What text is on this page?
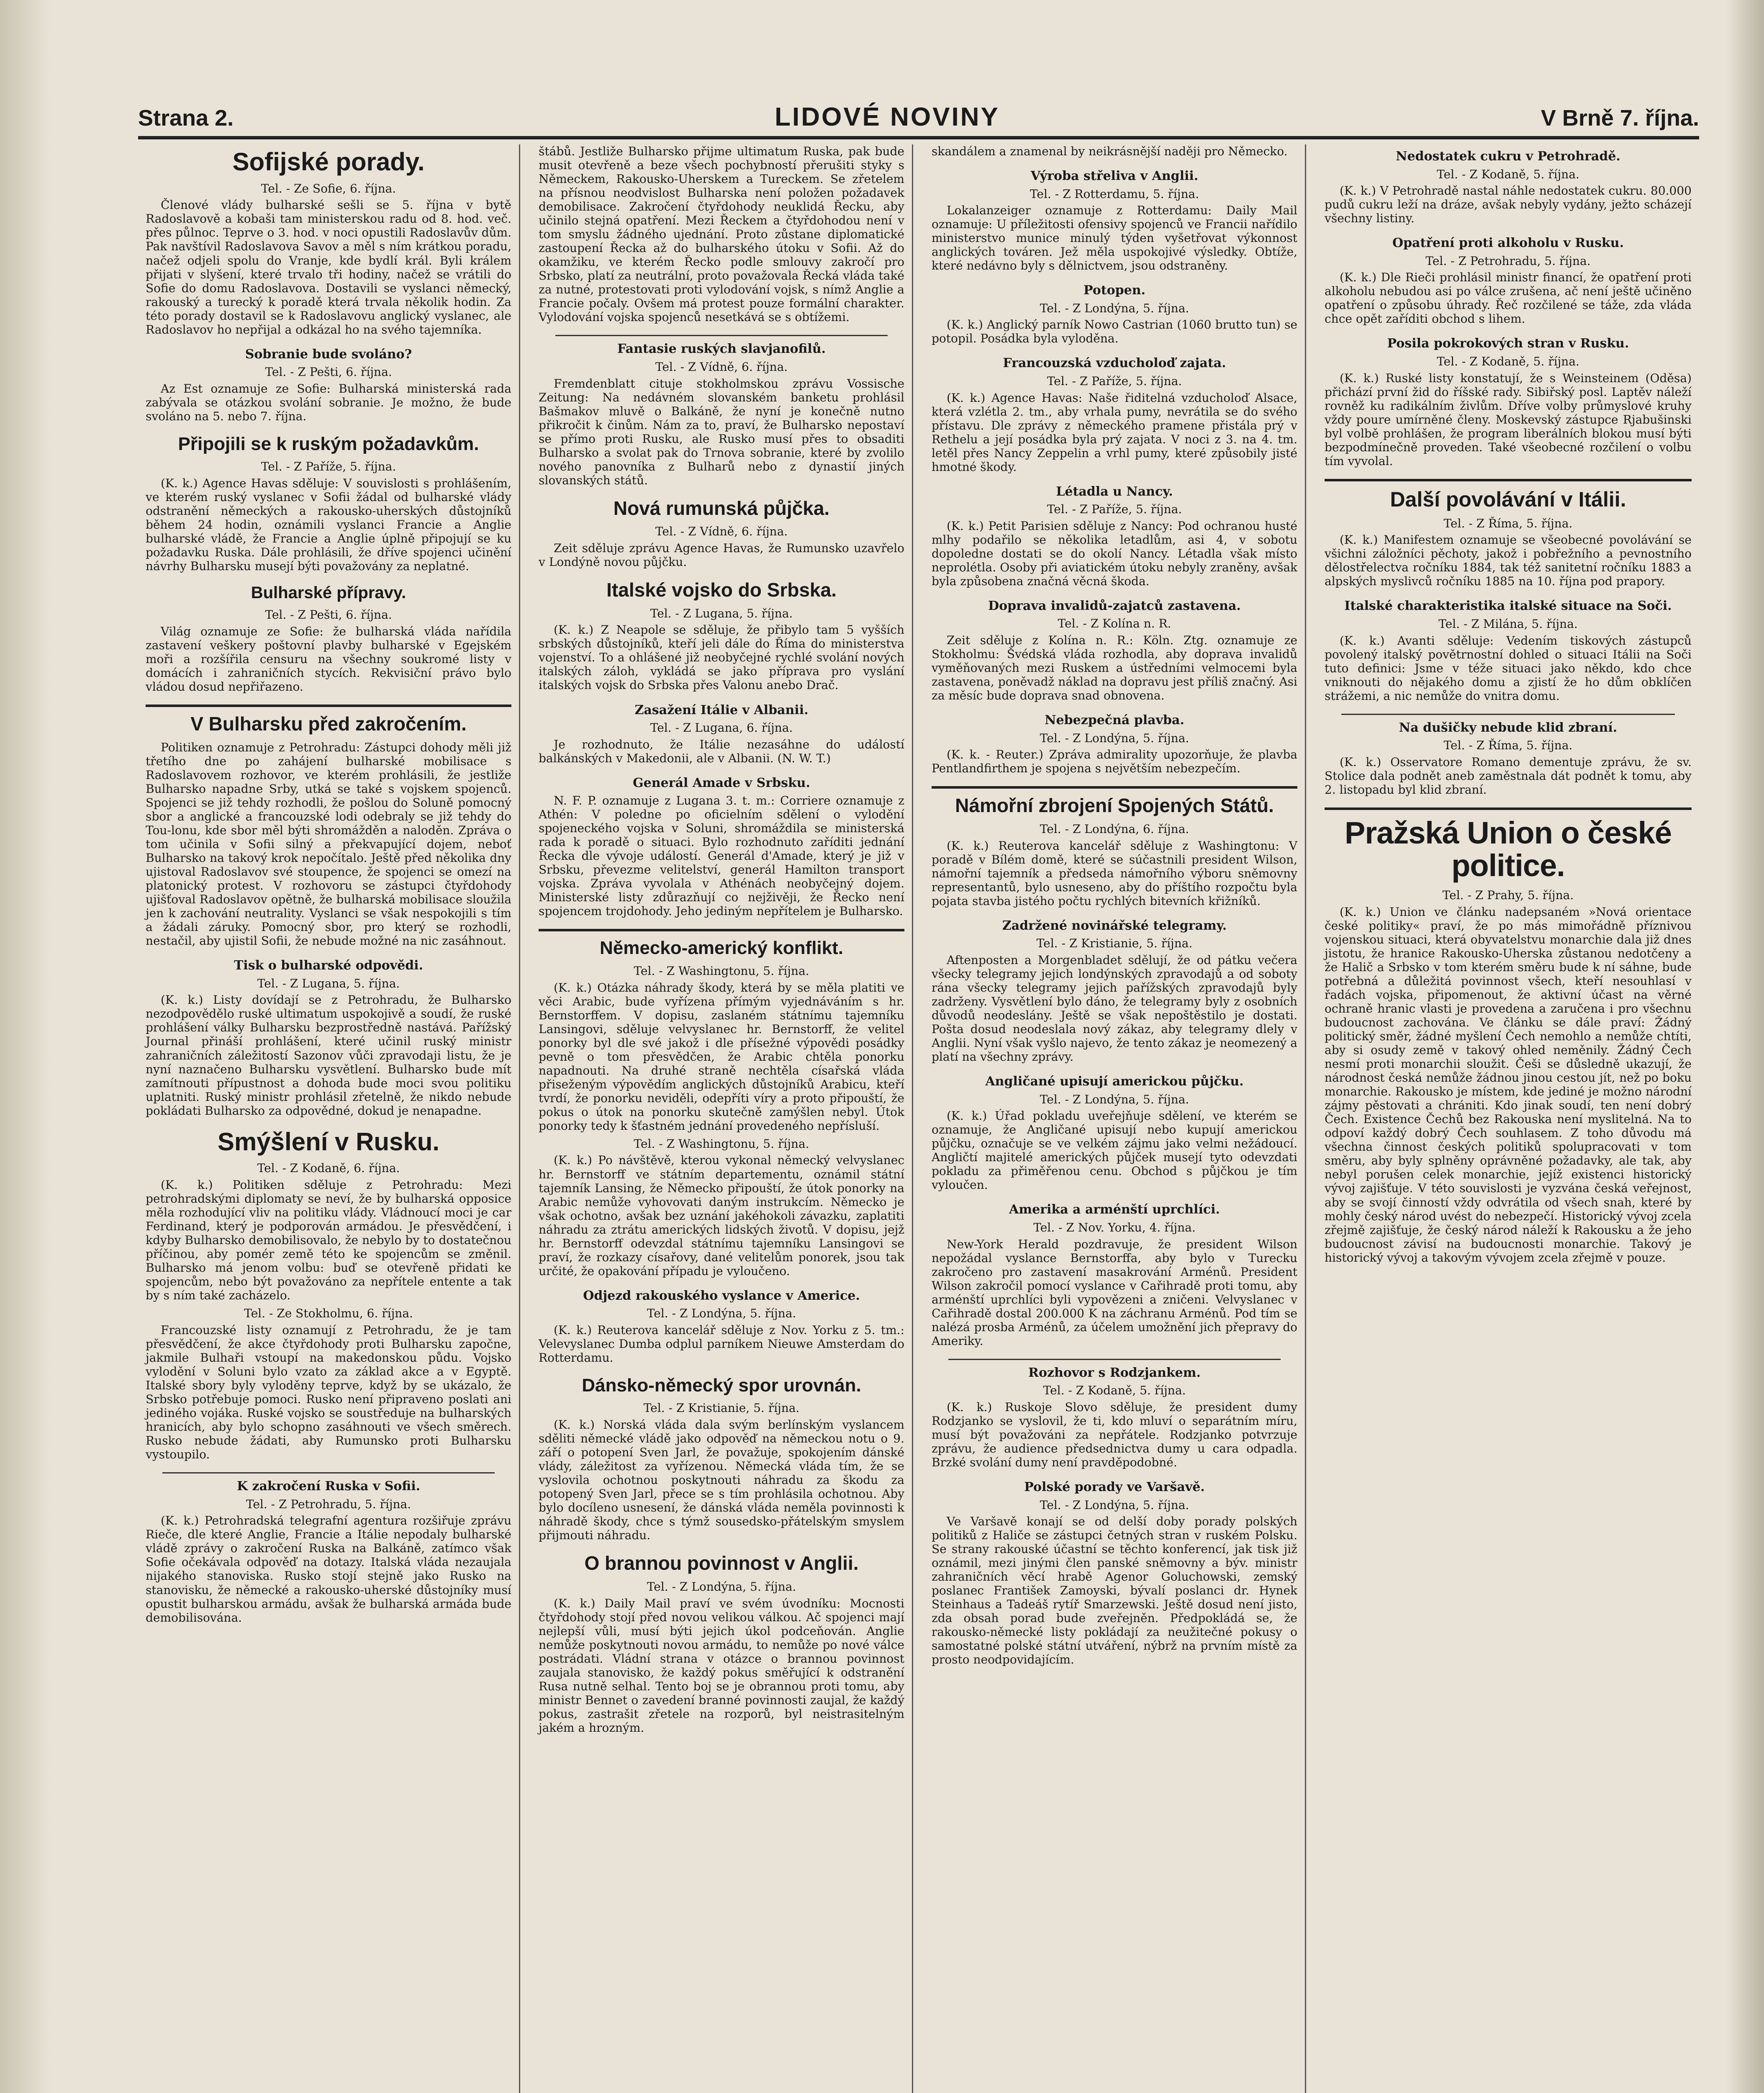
Strana 2.	LIDOVÉ NOVINY	V Brně 7. října.
Sofijské porady.
Tel. - Ze Sofie, 6. října.

Členové vlády bulharské sešli se 5. října v bytě Radoslavově a kobaši tam ministerskou radu od 8. hod. več. přes půlnoc. Teprve o 3. hod. v noci opustili Radoslavův dům. Pak navštívil Radoslavova Savov a měl s ním krátkou poradu, načež odjeli spolu do Vranje, kde bydlí král. Byli králem přijati v slyšení, které trvalo tři hodiny, načež se vrátili do Sofie do domu Radoslavova. Dostavili se vyslanci německý, rakouský a turecký k poradě která trvala několik hodin. Za této porady dostavil se k Radoslavovu anglický vyslanec, ale Radoslavov ho nepřijal a odkázal ho na svého tajemníka.

Sobranie bude svoláno?
Tel. - Z Pešti, 6. října.

Az Est oznamuje ze Sofie: Bulharská ministerská rada zabývala se otázkou svolání sobranie. Je možno, že bude svoláno na 5. nebo 7. října.

Připojili se k ruským požadavkům.
Tel. - Z Paříže, 5. října.

(K. k.) Agence Havas sděluje: V souvislosti s prohlášením, ve kterém ruský vyslanec v Sofii žádal od bulharské vlády odstranění německých a rakousko-uherských důstojníků během 24 hodin, oznámili vyslanci Francie a Anglie bulharské vládě, že Francie a Anglie úplně připojují se ku požadavku Ruska. Dále prohlásili, že dříve spojenci učinění návrhy Bulharsku musejí býti považovány za neplatné.

Bulharské přípravy.
Tel. - Z Pešti, 6. října.

Világ oznamuje ze Sofie: že bulharská vláda nařídila zastavení veškery poštovní plavby bulharské v Egejském moři a rozšířila censuru na všechny soukromé listy v domácích i zahraničních stycích. Rekvisiční právo bylo vládou dosud nepřiřazeno.

V Bulharsku před zakročením.

Politiken oznamuje z Petrohradu: Zástupci dohody měli již třetího dne po zahájení bulharské mobilisace s Radoslavovem rozhovor, ve kterém prohlásili, že jestliže Bulharsko napadne Srby, utká se také s vojskem spojenců. Spojenci se již tehdy rozhodli, že pošlou do Soluně pomocný sbor a anglické a francouzské lodi odebraly se již tehdy do Tou-lonu, kde sbor měl býti shromážděn a naloděn. Zpráva o tom učinila v Sofii silný a překvapující dojem, neboť Bulharsko na takový krok nepočítalo. Ještě před několika dny ujistoval Radoslavov své stoupence, že spojenci se omezí na platonický protest. V rozhovoru se zástupci čtyřdohody ujišťoval Radoslavov opětně, že bulharská mobilisace sloužila jen k zachování neutrality. Vyslanci se však nespokojili s tím a žádali záruky. Pomocný sbor, pro který se rozhodli, nestačil, aby ujistil Sofii, že nebude možné na nic zasáhnout.

Tisk o bulharské odpovědi.
Tel. - Z Lugana, 5. října.

(K. k.) Listy dovídají se z Petrohradu, že Bulharsko nezodpovědělo ruské ultimatum uspokojivě a soudí, že ruské prohlášení války Bulharsku bezprostředně nastává. Pařížský Journal přináší prohlášení, které učinil ruský ministr zahraničních záležitostí Sazonov vůči zpravodaji listu, že je nyní naznačeno Bulharsku vysvětlení. Bulharsko bude mít zamítnouti přípustnost a dohoda bude moci svou politiku uplatniti. Ruský ministr prohlásil zřetelně, že nikdo nebude pokládati Bulharsko za odpovědné, dokud je nenapadne.

Smýšlení v Rusku.
Tel. - Z Kodaně, 6. října.

(K. k.) Politiken sděluje z Petrohradu: Mezi petrohradskými diplomaty se neví, že by bulharská opposice měla rozhodující vliv na politiku vlády. Vládnoucí moci je car Ferdinand, který je podporován armádou. Je přesvědčení, i kdyby Bulharsko demobilisovalo, že nebylo by to dostatečnou příčinou, aby pomér země této ke spojencům se změnil. Bulharsko má jenom volbu: buď se otevřeně přidati ke spojencům, nebo být považováno za nepřítele entente a tak by s ním také zacházelo.

Tel. - Ze Stokholmu, 6. října.

Francouzské listy oznamují z Petrohradu, že je tam přesvědčení, že akce čtyřdohody proti Bulharsku započne, jakmile Bulhaři vstoupí na makedonskou půdu. Vojsko vylodění v Soluni bylo vzato za základ akce a v Egyptě. Italské sbory byly vyloděny teprve, když by se ukázalo, že Srbsko potřebuje pomoci. Rusko není připraveno poslati ani jediného vojáka. Ruské vojsko se soustředuje na bulharských hranicích, aby bylo schopno zasáhnouti ve všech směrech. Rusko nebude žádati, aby Rumunsko proti Bulharsku vystoupilo.

K zakročení Ruska v Sofii.
Tel. - Z Petrohradu, 5. října.

(K. k.) Petrohradská telegrafní agentura rozšiřuje zprávu Rieče, dle které Anglie, Francie a Itálie nepodaly bulharské vládě zprávy o zakročení Ruska na Balkáně, zatímco však Sofie očekávala odpověď na dotazy. Italská vláda nezaujala nijakého stanoviska. Rusko stojí stejně jako Rusko na stanovisku, že německé a rakousko-uherské důstojníky musí opustit bulharskou armádu, avšak že bulharská armáda bude demobilisována.

štábů. Jestliže Bulharsko přijme ultimatum Ruska, pak bude musit otevřeně a beze všech pochybností přerušiti styky s Německem, Rakousko-Uherskem a Tureckem. Se zřetelem na přísnou neodvislost Bulharska není položen požadavek demobilisace. Zakročení čtyřdohody neuklidá Řecku, aby učinilo stejná opatření. Mezi Řeckem a čtyřdohodou není v tom smyslu žádného ujednání. Proto zůstane diplomatické zastoupení Řecka až do bulharského útoku v Sofii. Až do okamžiku, ve kterém Řecko podle smlouvy zakročí pro Srbsko, platí za neutrální, proto považovala Řecká vláda také za nutné, protestovati proti vylodování vojsk, s nímž Anglie a Francie počaly. Ovšem má protest pouze formální charakter. Vylodování vojska spojenců nesetkává se s obtížemi.

Fantasie ruských slavjanofilů.
Tel. - Z Vídně, 6. října.

Fremdenblatt cituje stokholmskou zprávu Vossische Zeitung: Na nedávném slovanském banketu prohlásil Bašmakov mluvě o Balkáně, že nyní je konečně nutno přikročit k činům. Nám za to, praví, že Bulharsko nepostaví se přímo proti Rusku, ale Rusko musí přes to obsaditi Bulharsko a svolat pak do Trnova sobranie, které by zvolilo nového panovníka z Bulharů nebo z dynastií jiných slovanských států.

Nová rumunská půjčka.
Tel. - Z Vídně, 6. října.

Zeit sděluje zprávu Agence Havas, že Rumunsko uzavřelo v Londýně novou půjčku.

Italské vojsko do Srbska.
Tel. - Z Lugana, 5. října.

(K. k.) Z Neapole se sděluje, že přibylo tam 5 vyšších srbských důstojníků, kteří jeli dále do Říma do ministerstva vojenství. To a ohlášené již neobyčejné rychlé svolání nových italských záloh, vykládá se jako příprava pro vyslání italských vojsk do Srbska přes Valonu anebo Drač.

Zasažení Itálie v Albanii.
Tel. - Z Lugana, 6. října.

Je rozhodnuto, že Itálie nezasáhne do událostí balkánských v Makedonii, ale v Albanii. (N. W. T.)

Generál Amade v Srbsku.

N. F. P. oznamuje z Lugana 3. t. m.: Corriere oznamuje z Athén: V poledne po oficielním sdělení o vylodění spojeneckého vojska v Soluni, shromáždila se ministerská rada k poradě o situaci. Bylo rozhodnuto zaříditi jednání Řecka dle vývoje událostí. Generál d'Amade, který je již v Srbsku, převezme velitelství, generál Hamilton transport vojska. Zpráva vyvolala v Athénách neobyčejný dojem. Ministerské listy zdůrazňují co nejživěji, že Řecko není spojencem trojdohody. Jeho jediným nepřítelem je Bulharsko.

Německo-americký konflikt.
Tel. - Z Washingtonu, 5. října.

(K. k.) Otázka náhrady škody, která by se měla platiti ve věci Arabic, bude vyřízena přímým vyjednáváním s hr. Bernstorffem. V dopisu, zaslaném státnímu tajemníku Lansingovi, sděluje velvyslanec hr. Bernstorff, že velitel ponorky byl dle své jakož i dle přísežné výpovědi posádky pevně o tom přesvědčen, že Arabic chtěla ponorku napadnouti. Na druhé straně nechtěla císařská vláda přiseženým výpovědím anglických důstojníků Arabicu, kteří tvrdí, že ponorku neviděli, odepříti víry a proto připouští, že pokus o útok na ponorku skutečně zamýšlen nebyl. Útok ponorky tedy k šťastném jednání provedeného nepřísluší.

Tel. - Z Washingtonu, 5. října.

(K. k.) Po návštěvě, kterou vykonal německý velvyslanec hr. Bernstorff ve státním departementu, oznámil státní tajemník Lansing, že Německo připouští, že útok ponorky na Arabic nemůže vyhovovati daným instrukcím. Německo je však ochotno, avšak bez uznání jakéhokoli závazku, zaplatiti náhradu za ztrátu amerických lidských životů. V dopisu, jejž hr. Bernstorff odevzdal státnímu tajemníku Lansingovi se praví, že rozkazy císařovy, dané velitelům ponorek, jsou tak určité, že opakování případu je vyloučeno.

Odjezd rakouského vyslance v Americe.
Tel. - Z Londýna, 5. října.

(K. k.) Reuterova kancelář sděluje z Nov. Yorku z 5. tm.: Velevyslanec Dumba odplul parníkem Nieuwe Amsterdam do Rotterdamu.

Dánsko-německý spor urovnán.
Tel. - Z Kristianie, 5. října.

(K. k.) Norská vláda dala svým berlínským vyslancem sděliti německé vládě jako odpověď na německou notu o 9. září o potopení Sven Jarl, že považuje, spokojením dánské vlády, záležitost za vyřízenou. Německá vláda tím, že se vyslovila ochotnou poskytnouti náhradu za škodu za potopený Sven Jarl, přece se s tím prohlásila ochotnou. Aby bylo docíleno usnesení, že dánská vláda neměla povinnosti k náhradě škody, chce s týmž sousedsko-přátelským smyslem přijmouti náhradu.

O brannou povinnost v Anglii.
Tel. - Z Londýna, 5. října.

(K. k.) Daily Mail praví ve svém úvodníku: Mocnosti čtyřdohody stojí před novou velikou válkou. Ač spojenci mají nejlepší vůli, musí býti jejich úkol podceňován. Anglie nemůže poskytnouti novou armádu, to nemůže po nové válce postrádati. Vládní strana v otázce o brannou povinnost zaujala stanovisko, že každý pokus směřující k odstranění Rusa nutně selhal. Tento boj se je obrannou proti tomu, aby ministr Bennet o zavedení branné povinnosti zaujal, že každý pokus, zastrašit zřetele na rozporů, byl neistrasitelným jakém a hrozným.

skandálem a znamenal by neikrásnější naději pro Německo.

Výroba střeliva v Anglii.
Tel. - Z Rotterdamu, 5. října.

Lokalanzeiger oznamuje z Rotterdamu: Daily Mail oznamuje: U příležitosti ofensivy spojenců ve Francii nařídilo ministerstvo munice minulý týden vyšetřovat výkonnost anglických továren. Jež měla uspokojivé výsledky. Obtíže, které nedávno byly s dělnictvem, jsou odstraněny.

Potopen.
Tel. - Z Londýna, 5. října.

(K. k.) Anglický parník Nowo Castrian (1060 brutto tun) se potopil. Posádka byla vyloděna.

Francouzská vzducholoď zajata.
Tel. - Z Paříže, 5. října.

(K. k.) Agence Havas: Naše řiditelná vzducholoď Alsace, která vzlétla 2. tm., aby vrhala pumy, nevrátila se do svého přístavu. Dle zprávy z německého pramene přistála prý v Rethelu a její posádka byla prý zajata. V noci z 3. na 4. tm. letěl přes Nancy Zeppelin a vrhl pumy, které způsobily jisté hmotné škody.

Létadla u Nancy.
Tel. - Z Paříže, 5. října.

(K. k.) Petit Parisien sděluje z Nancy: Pod ochranou husté mlhy podařilo se několika letadlům, asi 4, v sobotu dopoledne dostati se do okolí Nancy. Létadla však místo neprolétla. Osoby při aviatickém útoku nebyly zraněny, avšak byla způsobena značná věcná škoda.

Doprava invalidů-zajatců zastavena.
Tel. - Z Kolína n. R.

Zeit sděluje z Kolína n. R.: Köln. Ztg. oznamuje ze Stokholmu: Švédská vláda rozhodla, aby doprava invalidů vyměňovaných mezi Ruskem a ústředními velmocemi byla zastavena, poněvadž náklad na dopravu jest příliš značný. Asi za měsíc bude doprava snad obnovena.

Nebezpečná plavba.
Tel. - Z Londýna, 5. října.

(K. k. - Reuter.) Zpráva admirality upozorňuje, že plavba Pentlandfirthem je spojena s největším nebezpečím.

Námořní zbrojení Spojených Států.
Tel. - Z Londýna, 6. října.

(K. k.) Reuterova kancelář sděluje z Washingtonu: V poradě v Bílém domě, které se súčastnili president Wilson, námořní tajemník a předseda námořního výboru sněmovny representantů, bylo usneseno, aby do příštího rozpočtu byla pojata stavba jistého počtu rychlých bitevních křižníků.

Zadržené novinářské telegramy.
Tel. - Z Kristianie, 5. října.

Aftenposten a Morgenbladet sdělují, že od pátku večera všecky telegramy jejich londýnských zpravodajů a od soboty rána všecky telegramy jejich pařížských zpravodajů byly zadrženy. Vysvětlení bylo dáno, že telegramy byly z osobních důvodů neodeslány. Ještě se však nepoštěstilo je dostati. Pošta dosud neodeslala nový zákaz, aby telegramy dlely v Anglii. Nyní však vyšlo najevo, že tento zákaz je neomezený a platí na všechny zprávy.

Angličané upisují americkou půjčku.
Tel. - Z Londýna, 5. října.

(K. k.) Úřad pokladu uveřejňuje sdělení, ve kterém se oznamuje, že Angličané upisují nebo kupují americkou půjčku, označuje se ve velkém zájmu jako velmi nežádoucí. Angličtí majitelé amerických půjček musejí tyto odevzdati pokladu za přiměřenou cenu. Obchod s půjčkou je tím vyloučen.

Amerika a arménští uprchlíci.
Tel. - Z Nov. Yorku, 4. října.

New-York Herald pozdravuje, že president Wilson nepožádal vyslance Bernstorffa, aby bylo v Turecku zakročeno pro zastavení masakrování Arménů. President Wilson zakročil pomocí vyslance v Cařihradě proti tomu, aby arménští uprchlíci byli vypovězeni a zničeni. Velvyslanec v Cařihradě dostal 200.000 K na záchranu Arménů. Pod tím se nalézá prosba Arménů, za účelem umožnění jich přepravy do Ameriky.

Rozhovor s Rodzjankem.
Tel. - Z Kodaně, 5. října.

(K. k.) Ruskoje Slovo sděluje, že president dumy Rodzjanko se vyslovil, že ti, kdo mluví o separátním míru, musí být považováni za nepřátele. Rodzjanko potvrzuje zprávu, že audience předsednictva dumy u cara odpadla. Brzké svolání dumy není pravděpodobné.

Polské porady ve Varšavě.
Tel. - Z Londýna, 5. října.

Ve Varšavě konají se od delší doby porady polských politiků z Haliče se zástupci četných stran v ruském Polsku. Se strany rakouské účastní se těchto konferencí, jak tisk již oznámil, mezi jinými člen panské sněmovny a býv. ministr zahraničních věcí hrabě Agenor Goluchowski, zemský poslanec František Zamoyski, bývalí poslanci dr. Hynek Steinhaus a Tadeáš rytíř Smarzewski. Ještě dosud není jisto, zda obsah porad bude zveřejněn. Předpokládá se, že rakousko-německé listy pokládají za neužitečné pokusy o samostatné polské státní utváření, nýbrž na prvním místě za prosto neodpovidajícím.

Nedostatek cukru v Petrohradě.
Tel. - Z Kodaně, 5. října.

(K. k.) V Petrohradě nastal náhle nedostatek cukru. 80.000 pudů cukru leží na dráze, avšak nebyly vydány, ježto scházejí všechny listiny.

Opatření proti alkoholu v Rusku.
Tel. - Z Petrohradu, 5. října.

(K. k.) Dle Rieči prohlásil ministr financí, že opatření proti alkoholu nebudou asi po válce zrušena, ač není ještě učiněno opatření o způsobu úhrady. Řeč rozčilené se táže, zda vláda chce opět zaříditi obchod s lihem.

Posila pokrokových stran v Rusku.
Tel. - Z Kodaně, 5. října.

(K. k.) Ruské listy konstatují, že s Weinsteinem (Oděsa) přichází první žid do říšské rady. Sibiřský posl. Laptěv náleží rovněž ku radikálním živlům. Dříve volby průmyslové kruhy vždy poure umírněné členy. Moskevský zástupce Rjabušinski byl volbě prohlášen, že program liberálních blokou musí býti bezpodmínečně proveden. Také všeobecné rozčilení o volbu tím vyvolal.

Další povolávání v Itálii.
Tel. - Z Říma, 5. října.

(K. k.) Manifestem oznamuje se všeobecné povolávání se všichni záložníci pěchoty, jakož i pobřežního a pevnostního dělostřelectva ročníku 1884, tak též sanitetní ročníku 1883 a alpských myslivců ročníku 1885 na 10. října pod prapory.

Italské charakteristika italské situace na Soči.
Tel. - Z Milána, 5. října.

(K. k.) Avanti sděluje: Vedením tiskových zástupců povolený italský povětrnostní dohled o situaci Itálii na Soči tuto definici: Jsme v téže situaci jako někdo, kdo chce vniknouti do nějakého domu a zjistí že ho dům obklíčen strážemi, a nic nemůže do vnitra domu.

Na dušičky nebude klid zbraní.
Tel. - Z Říma, 5. října.

(K. k.) Osservatore Romano dementuje zprávu, že sv. Stolice dala podnět aneb zaměstnala dát podnět k tomu, aby 2. listopadu byl klid zbraní.

Pražská Union o české politice.
Tel. - Z Prahy, 5. října.

(K. k.) Union ve článku nadepsaném »Nová orientace české politiky« praví, že po más mimořádně příznivou vojenskou situaci, která obyvatelstvu monarchie dala již dnes jistotu, že hranice Rakousko-Uherska zůstanou nedotčeny a že Halič a Srbsko v tom kterém směru bude k ní sáhne, bude potřebná a důležitá povinnost všech, kteří nesouhlasí v řadách vojska, připomenout, že aktivní účast na věrné ochraně hranic vlasti je provedena a zaručena i pro všechnu budoucnost zachována. Ve článku se dále praví: Žádný politický směr, žádné myšlení Čech nemohlo a nemůže chtíti, aby si osudy země v takový ohled neměnily. Žádný Čech nesmí proti monarchii sloužit. Češi se důsledně ukazují, že národnost česká nemůže žádnou jinou cestou jít, než po boku monarchie. Rakousko je místem, kde jediné je možno národní zájmy pěstovati a chrániti. Kdo jinak soudí, ten není dobrý Čech. Existence Čechů bez Rakouska není myslitelná. Na to odpoví každý dobrý Čech souhlasem. Z toho důvodu má všechna činnost českých politiků spolupracovati v tom směru, aby byly splněny oprávněné požadavky, ale tak, aby nebyl porušen celek monarchie, jejíž existenci historický vývoj zajišťuje. V této souvislosti je vyzvána česká veřejnost, aby se svojí činností vždy odvrátila od všech snah, které by mohly český národ uvést do nebezpečí. Historický vývoj zcela zřejmě zajišťuje, že český národ náleží k Rakousku a že jeho budoucnost závisí na budoucnosti monarchie. Takový je historický vývoj a takovým vývojem zcela zřejmě v pouze.
